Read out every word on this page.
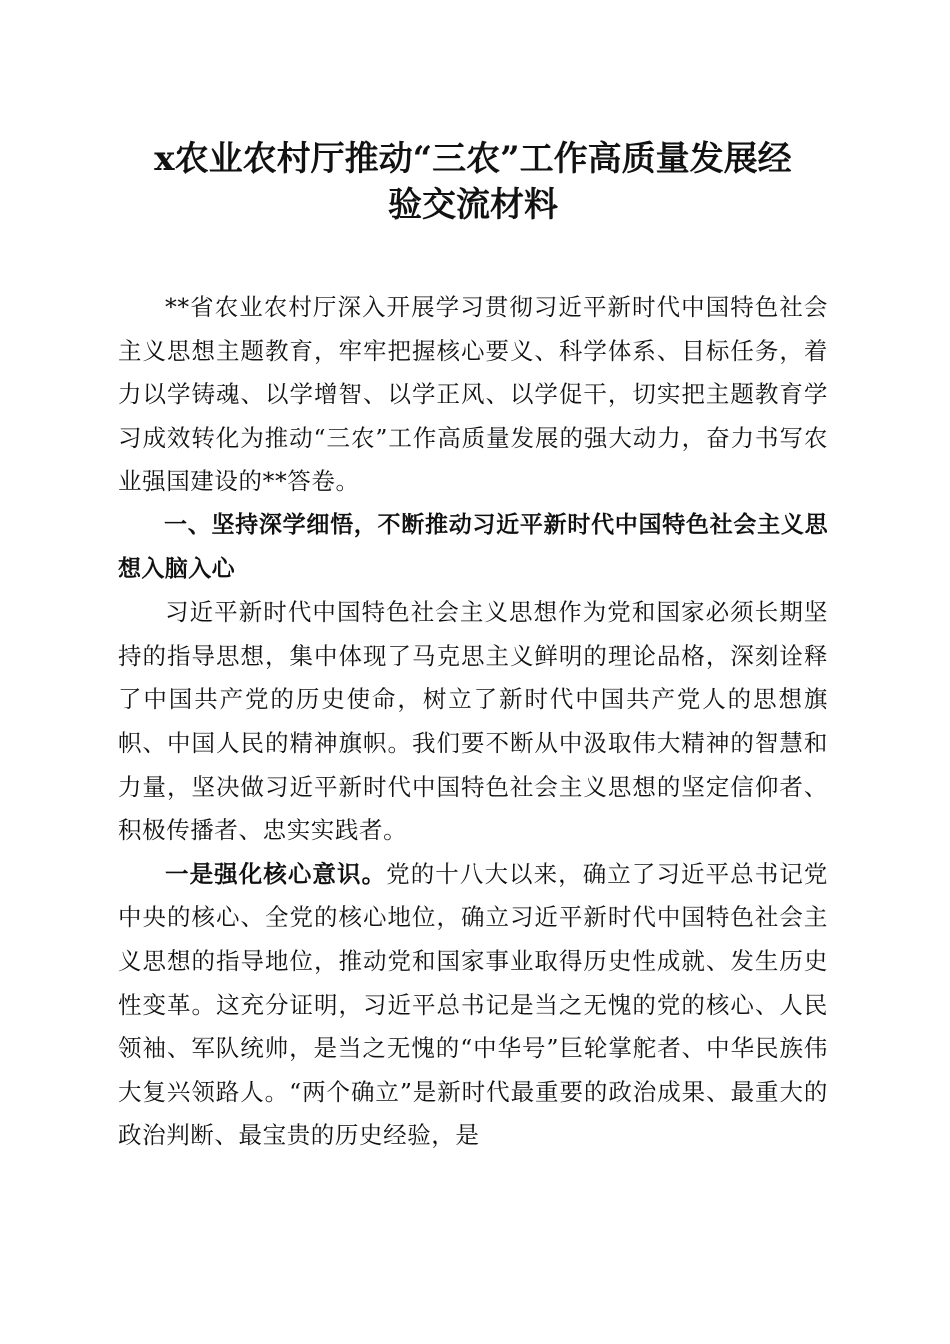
x农业农村厅推动“三农”工作高质量发展经
验交流材料

**省农业农村厅深入开展学习贯彻习近平新时代中国特色社会主义思想主题教育，牢牢把握核心要义、科学体系、目标任务，着力以学铸魂、以学增智、以学正风、以学促干，切实把主题教育学习成效转化为推动“三农”工作高质量发展的强大动力，奋力书写农业强国建设的**答卷。

一、坚持深学细悟，不断推动习近平新时代中国特色社会主义思想入脑入心

习近平新时代中国特色社会主义思想作为党和国家必须长期坚持的指导思想，集中体现了马克思主义鲜明的理论品格，深刻诠释了中国共产党的历史使命，树立了新时代中国共产党人的思想旗帜、中国人民的精神旗帜。我们要不断从中汲取伟大精神的智慧和力量，坚决做习近平新时代中国特色社会主义思想的坚定信仰者、积极传播者、忠实实践者。

一是强化核心意识。党的十八大以来，确立了习近平总书记党中央的核心、全党的核心地位，确立习近平新时代中国特色社会主义思想的指导地位，推动党和国家事业取得历史性成就、发生历史性变革。这充分证明，习近平总书记是当之无愧的党的核心、人民领袖、军队统帅，是当之无愧的“中华号”巨轮掌舵者、中华民族伟大复兴领路人。“两个确立”是新时代最重要的政治成果、最重大的政治判断、最宝贵的历史经验，是
